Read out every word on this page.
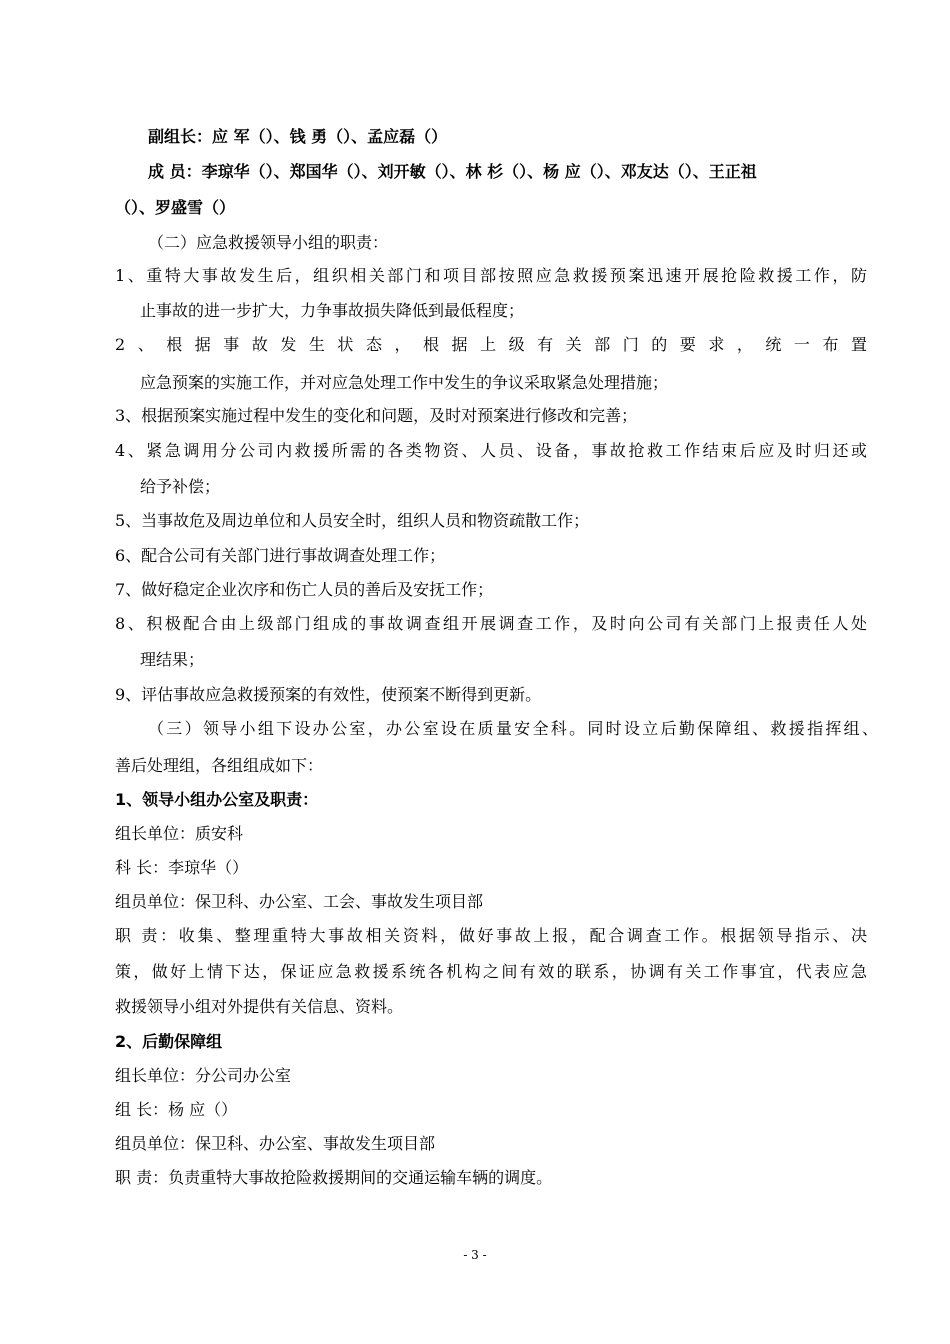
副组长：应 军（）、钱 勇（）、孟应磊（）
成 员：李琼华（）、郑国华（）、刘开敏（）、林 杉（）、杨 应（）、邓友达（）、王正祖
（）、罗盛雪（）
（二）应急救援领导小组的职责：
1、重特大事故发生后，组织相关部门和项目部按照应急救援预案迅速开展抢险救援工作，防
止事故的进一步扩大，力争事故损失降低到最低程度；
2、根据事故发生状态，根据上级有关部门的要求，统一布置
应急预案的实施工作，并对应急处理工作中发生的争议采取紧急处理措施；
3、根据预案实施过程中发生的变化和问题，及时对预案进行修改和完善；
4、紧急调用分公司内救援所需的各类物资、人员、设备，事故抢救工作结束后应及时归还或
给予补偿；
5、当事故危及周边单位和人员安全时，组织人员和物资疏散工作；
6、配合公司有关部门进行事故调查处理工作；
7、做好稳定企业次序和伤亡人员的善后及安抚工作；
8、积极配合由上级部门组成的事故调查组开展调查工作，及时向公司有关部门上报责任人处
理结果；
9、评估事故应急救援预案的有效性，使预案不断得到更新。
（三）领导小组下设办公室，办公室设在质量安全科。同时设立后勤保障组、救援指挥组、
善后处理组，各组组成如下：
1、领导小组办公室及职责：
组长单位：质安科
科 长：李琼华（）
组员单位：保卫科、办公室、工会、事故发生项目部
职 责：收集、整理重特大事故相关资料，做好事故上报，配合调查工作。根据领导指示、决
策，做好上情下达，保证应急救援系统各机构之间有效的联系，协调有关工作事宜，代表应急
救援领导小组对外提供有关信息、资料。
2、后勤保障组
组长单位：分公司办公室
组 长：杨 应（）
组员单位：保卫科、办公室、事故发生项目部
职 责：负责重特大事故抢险救援期间的交通运输车辆的调度。
- 3 -
